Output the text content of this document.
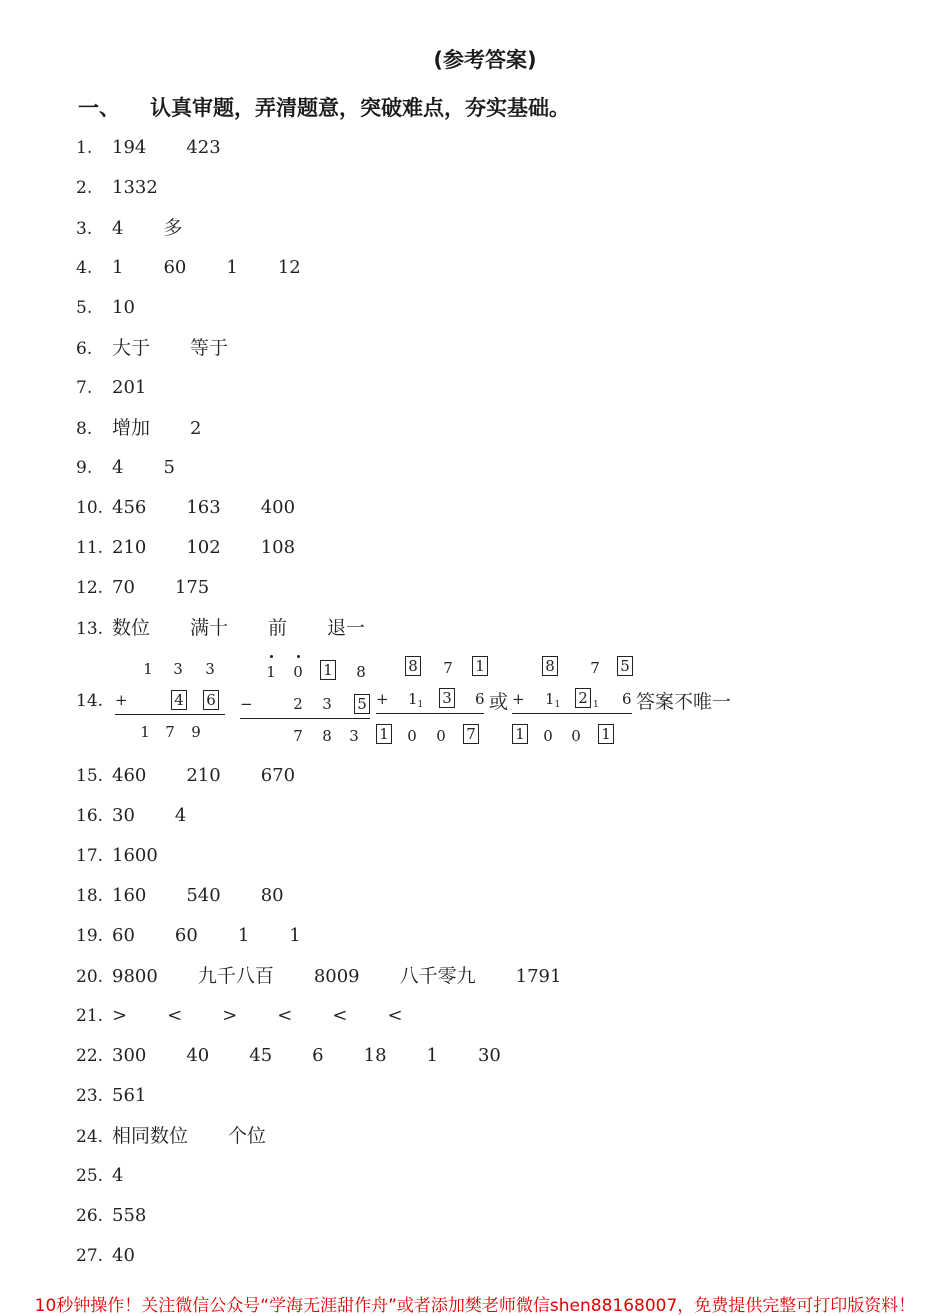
(参考答案)
一、 认真审题，弄清题意，突破难点，夯实基础。
1. 194 423
2. 1332
3. 4 多
4. 1 60 1 12
5. 10
6. 大于 等于
7. 201
8. 增加 2
9. 4 5
10. 456 163 400
11. 210 102 108
12. 70 175
13. 数位 满十 前 退一
15. 460 210 670
16. 30 4
17. 1600
18. 160 540 80
19. 60 60 1 1
20. 9800 九千八百 8009 八千零九 1791
21. > < > < < <
22. 300 40 45 6 18 1 30
23. 561
24. 相同数位 个位
25. 4
26. 558
27. 40
14.
1 3 3
+	4 6
1 7 9
1 0 1 8
−	2 3 5
7 8 3
8 7 1
+ $1_1$ 3 6
1 0 0 7
或
8 7 5
+ $1_1$ 2 1 6
1 0 0 1
答案不唯一
10秒钟操作！关注微信公众号“学海无涯甜作舟”或者添加樊老师微信shen88168007，免费提供完整可打印版资料！
